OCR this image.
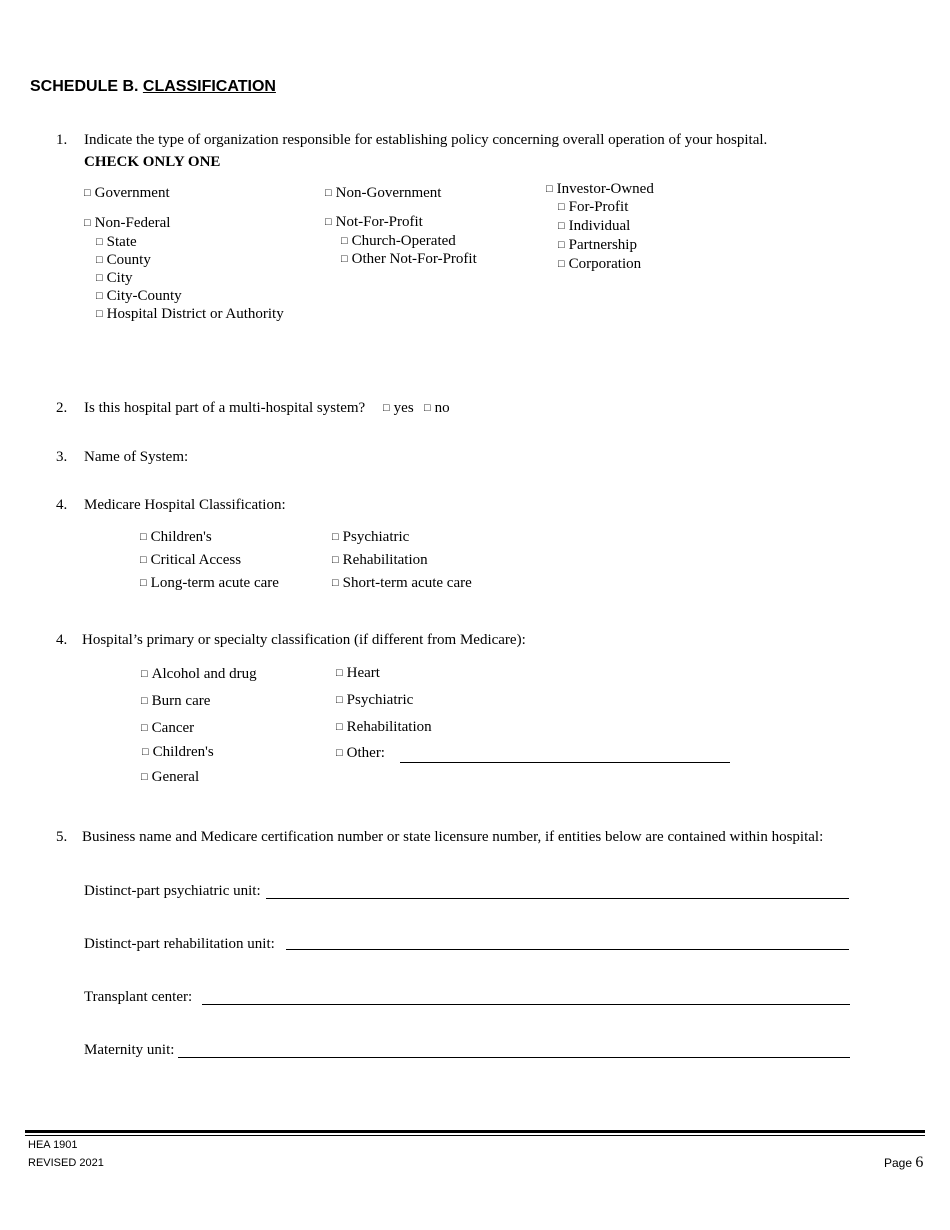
SCHEDULE B. CLASSIFICATION
1. Indicate the type of organization responsible for establishing policy concerning overall operation of your hospital.
CHECK ONLY ONE
□ Government
□ Non-Federal
□ State
□ County
□ City
□ City-County
□ Hospital District or Authority
□ Non-Government
□ Not-For-Profit
□ Church-Operated
□ Other Not-For-Profit
□ Investor-Owned
□ For-Profit
□ Individual
□ Partnership
□ Corporation
2. Is this hospital part of a multi-hospital system?	□ yes	□ no
3. Name of System:
4. Medicare Hospital Classification:
□ Children's
□ Critical Access
□ Long-term acute care
□ Psychiatric
□ Rehabilitation
□ Short-term acute care
4. Hospital’s primary or specialty classification (if different from Medicare):
□ Alcohol and drug
□ Burn care
□ Cancer
□ Children's
□ General
□ Heart
□ Psychiatric
□ Rehabilitation
□ Other:
5. Business name and Medicare certification number or state licensure number, if entities below are contained within hospital:
Distinct-part psychiatric unit:
Distinct-part rehabilitation unit:
Transplant center:
Maternity unit:
HEA 1901
REVISED 2021	Page 6
